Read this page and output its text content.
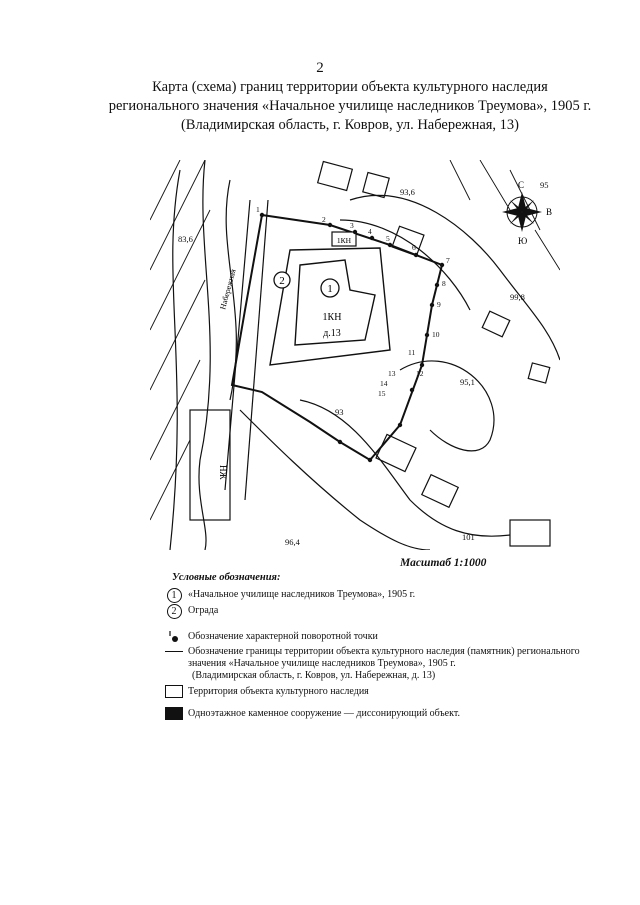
2
Карта (схема) границ территории объекта культурного наследия
регионального значения «Начальное училище наследников Треумова», 1905 г.
(Владимирская область, г. Ковров, ул. Набережная, 13)
2
1
1КН
д.13
1КН
НЖ
Набережная
93,6
95
95,1
93
96,4	101
99,8
83,6
1
2
3
4
5
6
7
8
9
10
11
12
13
14
15
С
Ю
В
Масштаб 1:1000
Условные обозначения:
1	«Начальное училище наследников Треумова», 1905 г.
2	Ограда
Обозначение характерной поворотной точки
Обозначение границы территории объекта культурного наследия (памятник) регионального
значения «Начальное училище наследников Треумова», 1905 г.
(Владимирская область, г. Ковров, ул. Набережная, д. 13)
Территория объекта культурного наследия
Одноэтажное каменное сооружение — диссонирующий объект.
